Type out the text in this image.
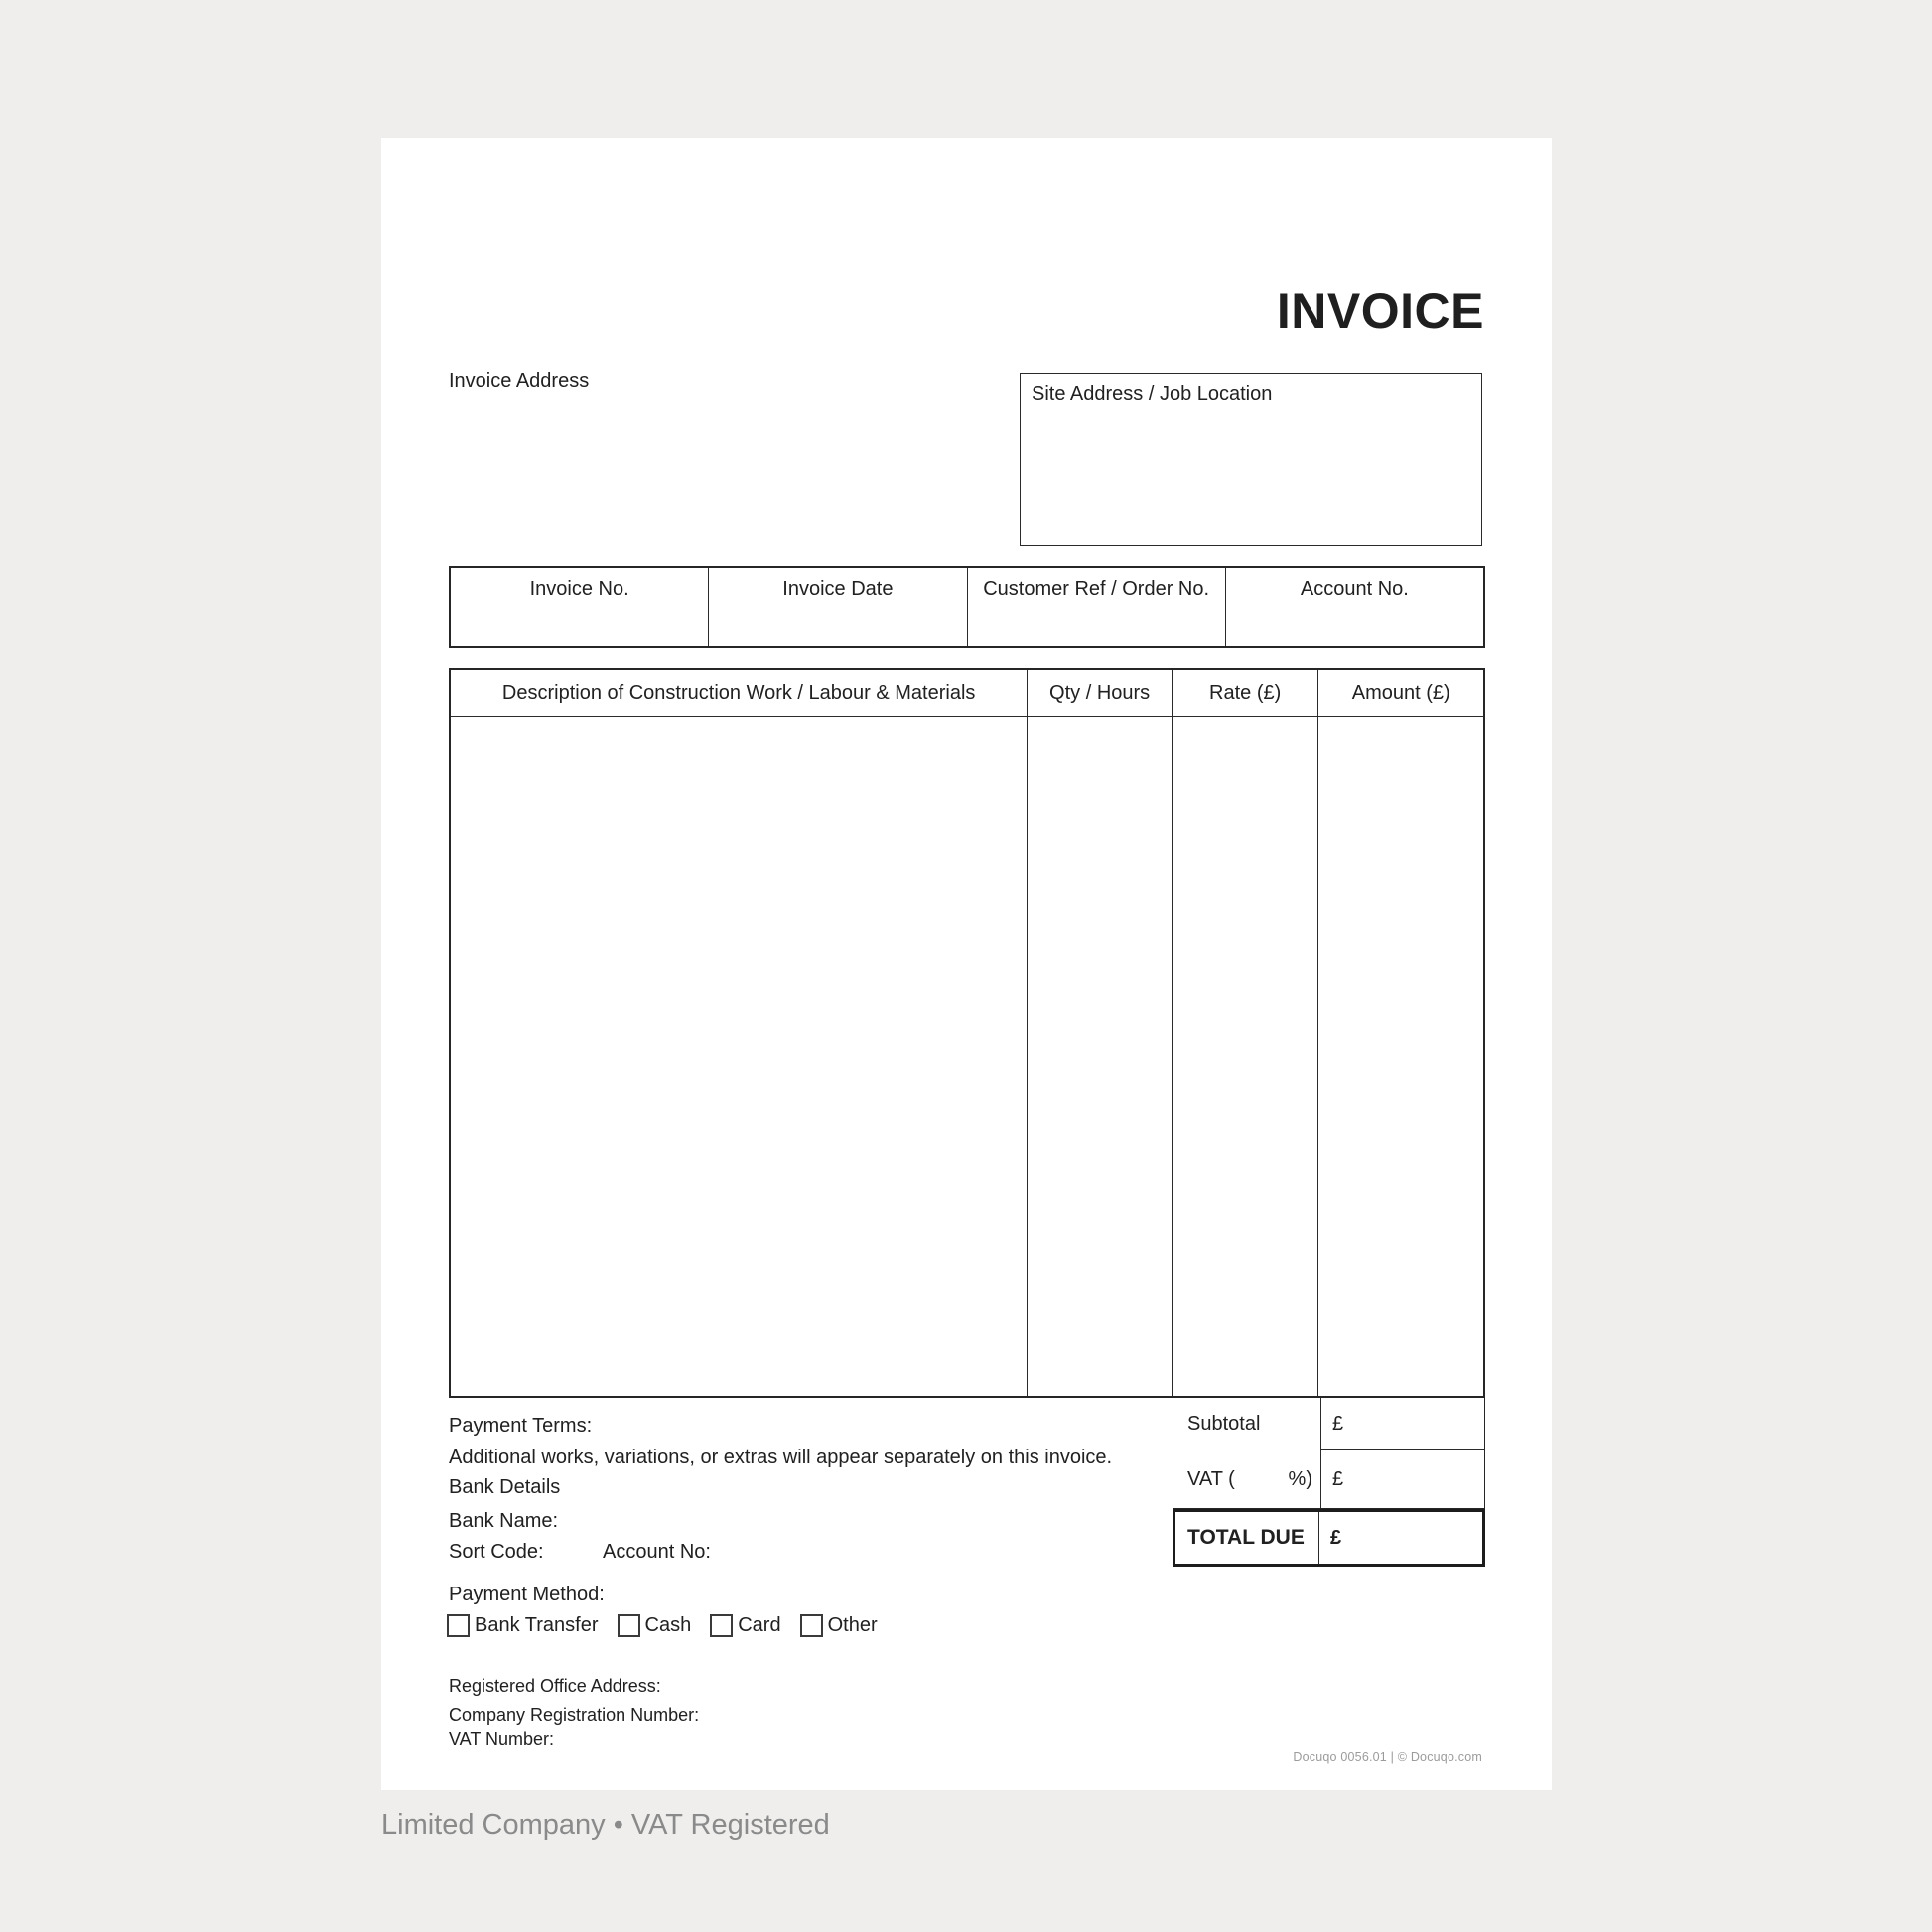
INVOICE
Invoice Address
Site Address / Job Location
Invoice No.	Invoice Date	Customer Ref / Order No.	Account No.
Description of Construction Work / Labour & Materials	Qty / Hours	Rate (£)	Amount (£)
Subtotal	£
VAT (	%) £
TOTAL DUE	£
Payment Terms:
Additional works, variations, or extras will appear separately on this invoice.
Bank Details
Bank Name:
Sort Code:	Account No:
Payment Method:
Bank Transfer Cash Card Other
Registered Office Address:
Company Registration Number:
VAT Number:
Docuqo 0056.01 | © Docuqo.com
Limited Company • VAT Registered
